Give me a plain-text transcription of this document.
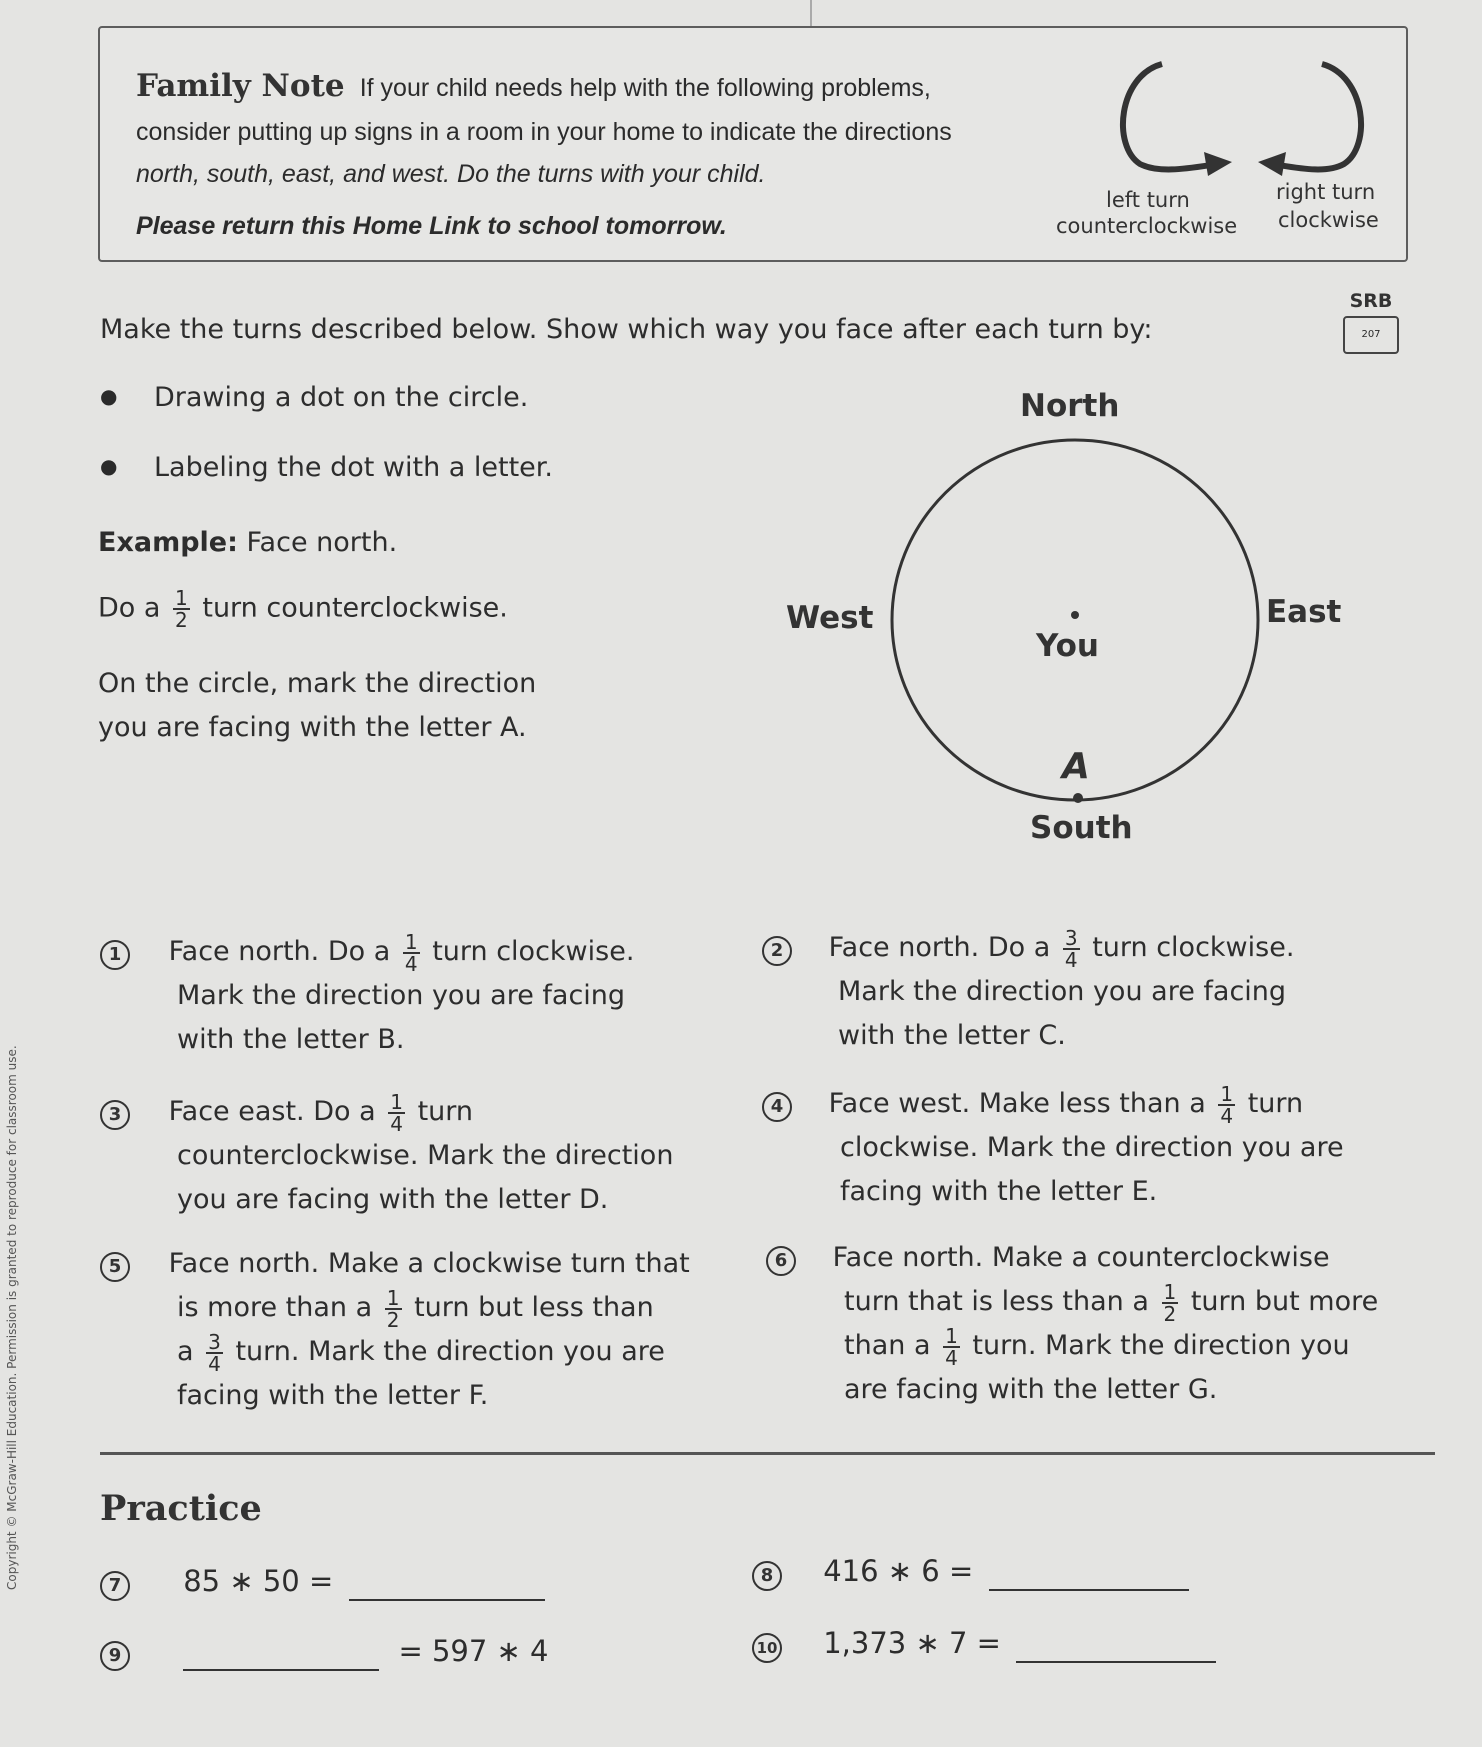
Family Note If your child needs help with the following problems,
consider putting up signs in a room in your home to indicate the directions
north, south, east, and west. Do the turns with your child.
Please return this Home Link to school tomorrow.
left turn
counterclockwise
right turn
clockwise
SRB
207
Make the turns described below. Show which way you face after each turn by:
● Drawing a dot on the circle.
● Labeling the dot with a letter.
Example: Face north.
Do a $\frac{1}{2}$ turn counterclockwise.
On the circle, mark the direction
you are facing with the letter A.
North
South
East
West
You
A
1 Face north. Do a $\frac{1}{4}$ turn clockwise.
Mark the direction you are facing
with the letter B.
2 Face north. Do a $\frac{3}{4}$ turn clockwise.
Mark the direction you are facing
with the letter C.
3 Face east. Do a $\frac{1}{4}$ turn
counterclockwise. Mark the direction
you are facing with the letter D.
4 Face west. Make less than a $\frac{1}{4}$ turn
clockwise. Mark the direction you are
facing with the letter E.
5 Face north. Make a clockwise turn that
is more than a $\frac{1}{2}$ turn but less than
a $\frac{3}{4}$ turn. Mark the direction you are
facing with the letter F.
6 Face north. Make a counterclockwise
turn that is less than a $\frac{1}{2}$ turn but more
than a $\frac{1}{4}$ turn. Mark the direction you
are facing with the letter G.
Practice
7 85 ∗ 50 =	8 416 ∗ 6 =
9	= 597 ∗ 4	10 1,373 ∗ 7 =
Copyright © McGraw-Hill Education. Permission is granted to reproduce for classroom use.
